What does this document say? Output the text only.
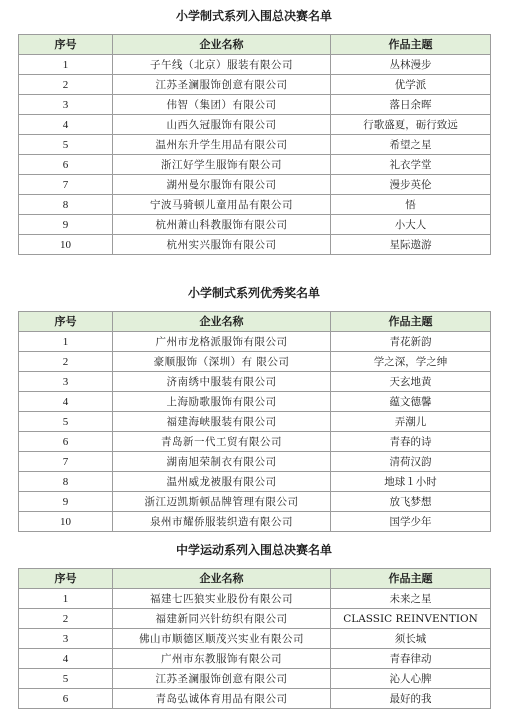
小学制式系列入围总决赛名单
序号	企业名称	作品主题
1	子午线（北京）服装有限公司	丛林漫步
2	江苏圣澜服饰创意有限公司	优学派
3	伟智（集团）有限公司	落日余晖
4	山西久冠服饰有限公司	行歌盛夏，砺行致远
5	温州东升学生用品有限公司	希望之星
6	浙江好学生服饰有限公司	礼衣学堂
7	湖州曼尔服饰有限公司	漫步英伦
8	宁波马骑顿儿童用品有限公司	悟
9	杭州萧山科教服饰有限公司	小大人
10	杭州实兴服饰有限公司	星际遨游
小学制式系列优秀奖名单
序号	企业名称	作品主题
1	广州市龙格派服饰有限公司	青花新韵
2	豪顺服饰（深圳）有 限公司	学之深，学之绅
3	济南绣中服装有限公司	天玄地黄
4	上海励歌服饰有限公司	蕴文德馨
5	福建海峡服装有限公司	弄潮儿
6	青岛新一代工贸有限公司	青春的诗
7	湖南旭荣制衣有限公司	清荷汉韵
8	温州威龙被服有限公司	地球１小时
9	浙江迈凯斯顿品牌管理有限公司	放飞梦想
10	泉州市耀侨服装织造有限公司	国学少年
中学运动系列入围总决赛名单
序号	企业名称	作品主题
1	福建七匹狼实业股份有限公司	未来之星
2	福建新同兴针纺织有限公司	CLASSIC REINVENTION
3	佛山市顺德区顺茂兴实业有限公司	须长城
4	广州市东教服饰有限公司	青春律动
5	江苏圣澜服饰创意有限公司	沁人心脾
6	青岛弘诚体育用品有限公司	最好的我
